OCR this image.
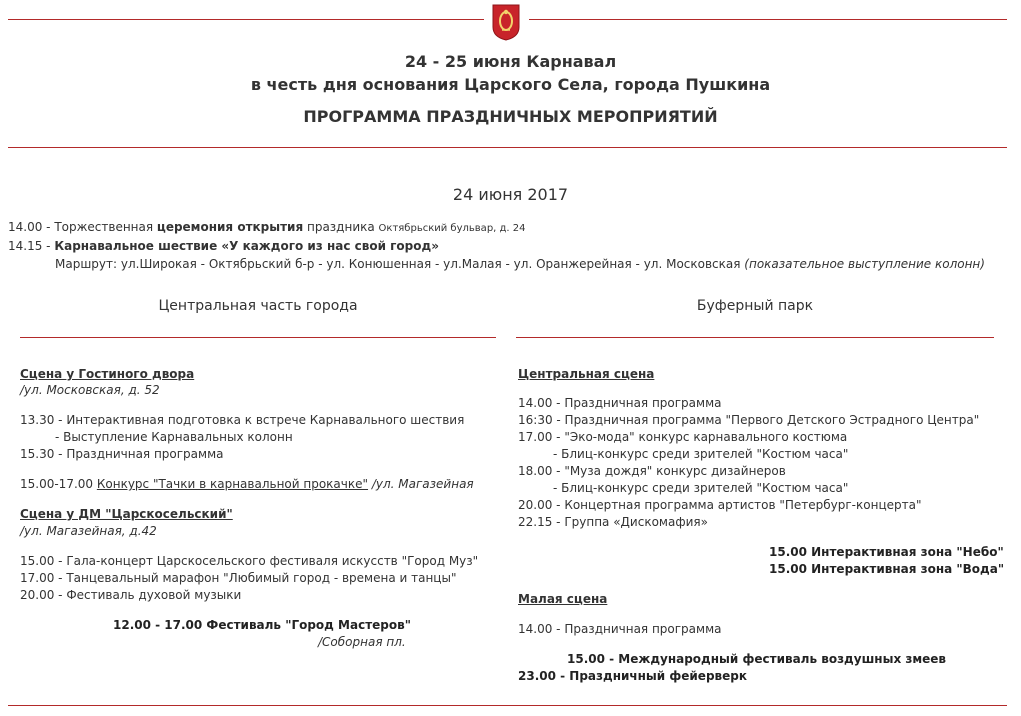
24 - 25 июня Карнавал
в честь дня основания Царского Села, города Пушкина
ПРОГРАММА ПРАЗДНИЧНЫХ МЕРОПРИЯТИЙ
24 июня 2017
14.00 - Торжественная церемония открытия праздника Октябрьский бульвар, д. 24
14.15 - Карнавальное шествие «У каждого из нас свой город»
Маршрут: ул.Широкая - Октябрьский б-р - ул. Конюшенная - ул.Малая - ул. Оранжерейная - ул. Московская (показательное выступление колонн)
Центральная часть города	Буферный парк
Сцена у Гостиного двора
/ул. Московская, д. 52
13.30 - Интерактивная подготовка к встрече Карнавального шествия
- Выступление Карнавальных колонн
15.30 - Праздничная программа
15.00-17.00 Конкурс "Тачки в карнавальной прокачке" /ул. Магазейная
Сцена у ДМ "Царскосельский"
/ул. Магазейная, д.42
15.00 - Гала-концерт Царскосельского фестиваля искусств "Город Муз"
17.00 - Танцевальный марафон "Любимый город - времена и танцы"
20.00 - Фестиваль духовой музыки
12.00 - 17.00 Фестиваль "Город Мастеров"
/Соборная пл.
Центральная сцена
14.00 - Праздничная программа
16:30 - Праздничная программа "Первого Детского Эстрадного Центра"
17.00 - "Эко-мода" конкурс карнавального костюма
- Блиц-конкурс среди зрителей "Костюм часа"
18.00 - "Муза дождя" конкурс дизайнеров
- Блиц-конкурс среди зрителей "Костюм часа"
20.00 - Концертная программа артистов "Петербург-концерта"
22.15 - Группа «Дискомафия»
15.00 Интерактивная зона "Небо"
15.00 Интерактивная зона "Вода"
Малая сцена
14.00 - Праздничная программа
15.00 - Международный фестиваль воздушных змеев
23.00 - Праздничный фейерверк
